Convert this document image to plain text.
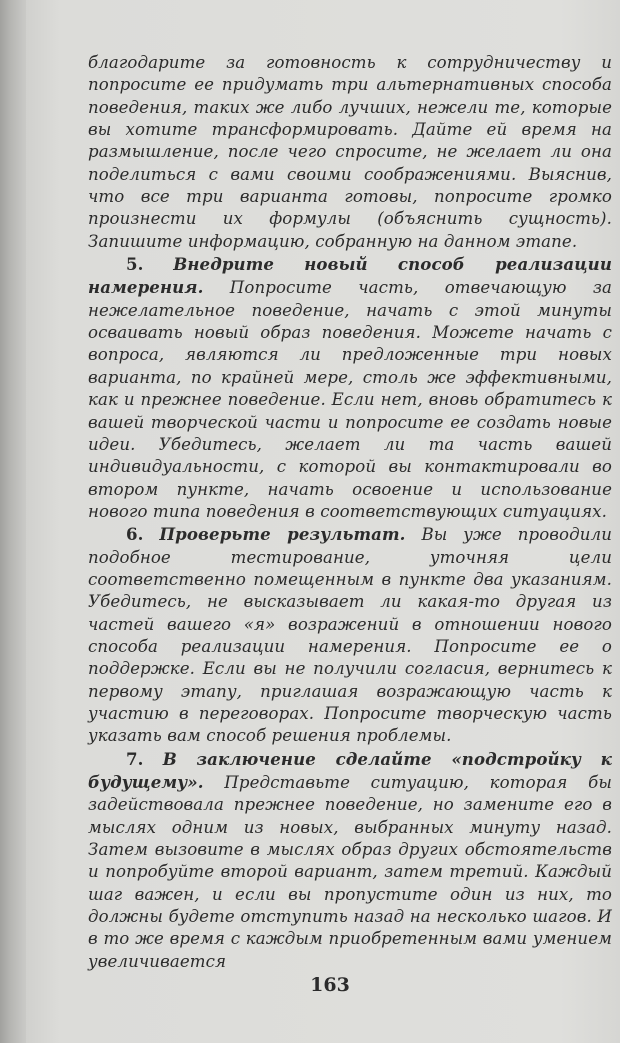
благодарите за готовность к сотрудничеству и попросите ее придумать три альтернативных способа поведения, таких же либо лучших, нежели те, которые вы хотите трансформировать. Дайте ей время на размышление, после чего спросите, не желает ли она поделиться с вами своими соображениями. Выяснив, что все три варианта готовы, попросите громко произнести их формулы (объяснить сущность). Запишите информацию, собранную на данном этапе.

5. Внедрите новый способ реализации намерения. Попросите часть, отвечающую за нежелательное поведение, начать с этой минуты осваивать новый образ поведения. Можете начать с вопроса, являются ли предложенные три новых варианта, по крайней мере, столь же эффективными, как и прежнее поведение. Если нет, вновь обратитесь к вашей творческой части и попросите ее создать новые идеи. Убедитесь, желает ли та часть вашей индивидуальности, с которой вы контактировали во втором пункте, начать освоение и использование нового типа поведения в соответствующих ситуациях.

6. Проверьте результат. Вы уже проводили подобное тестирование, уточняя цели соответственно помещенным в пункте два указаниям. Убедитесь, не высказывает ли какая-то другая из частей вашего «я» возражений в отношении нового способа реализации намерения. Попросите ее о поддержке. Если вы не получили согласия, вернитесь к первому этапу, приглашая возражающую часть к участию в переговорах. Попросите творческую часть указать вам способ решения проблемы.

7. В заключение сделайте «подстройку к будущему». Представьте ситуацию, которая бы задействовала прежнее поведение, но замените его в мыслях одним из новых, выбранных минуту назад. Затем вызовите в мыслях образ других обстоятельств и попробуйте второй вариант, затем третий. Каждый шаг важен, и если вы пропустите один из них, то должны будете отступить назад на несколько шагов. И в то же время с каждым приобретенным вами умением увеличивается

163
